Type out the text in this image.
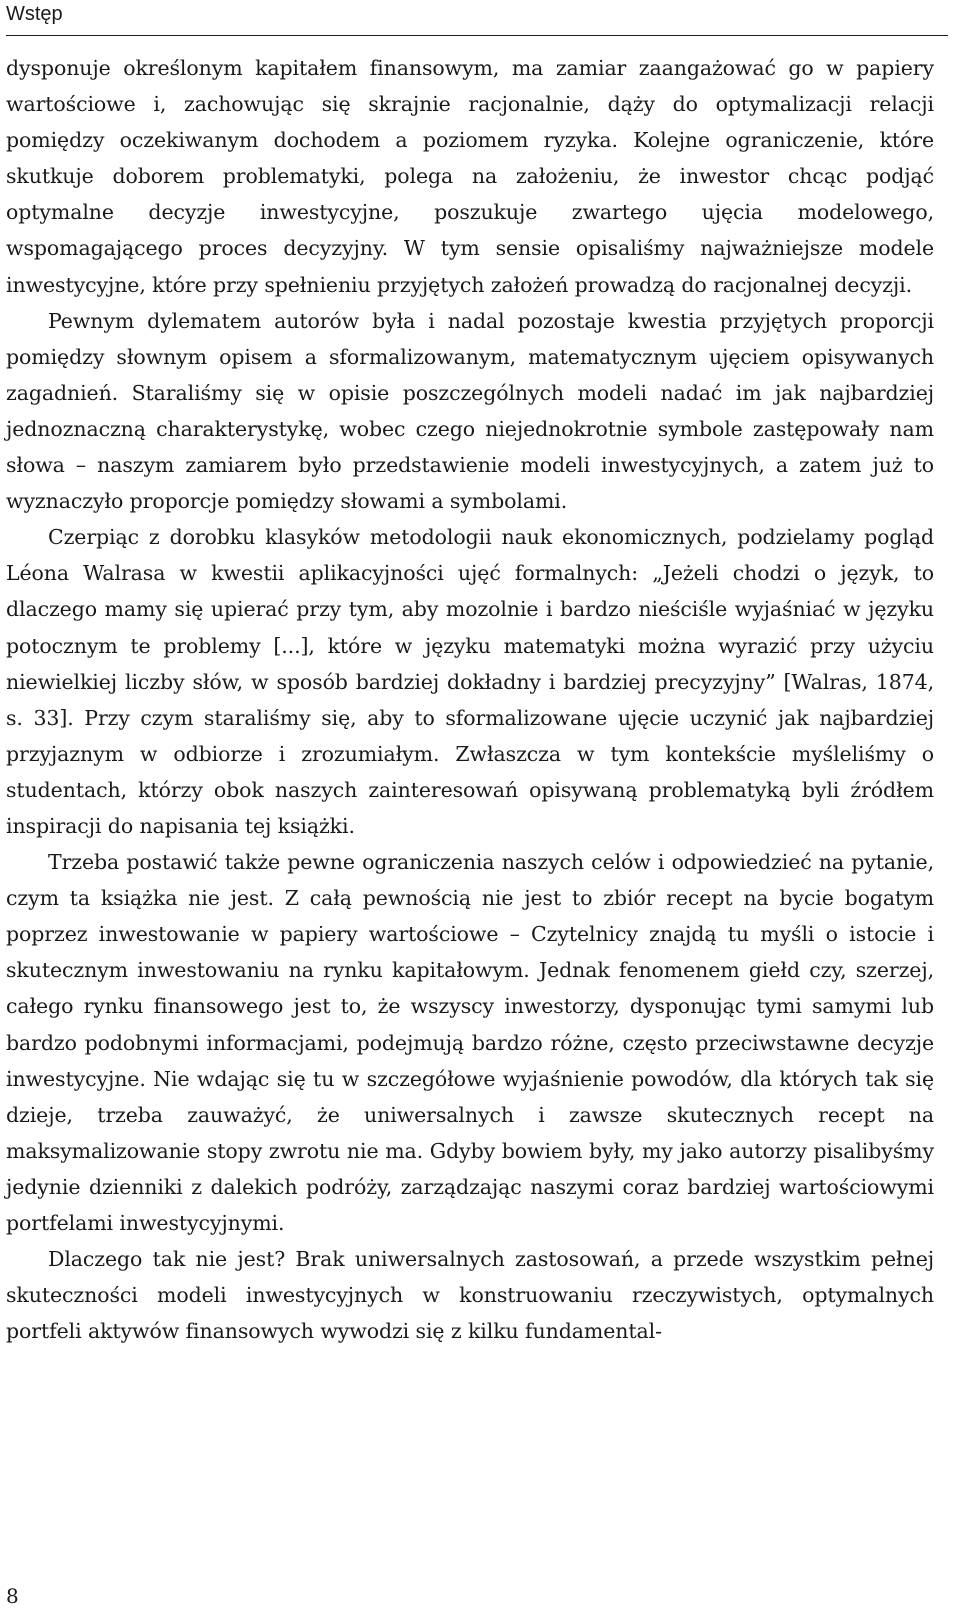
Wstęp

dysponuje określonym kapitałem finansowym, ma zamiar zaangażować go w papiery wartościowe i, zachowując się skrajnie racjonalnie, dąży do optymalizacji relacji pomiędzy oczekiwanym dochodem a poziomem ryzyka. Kolejne ograniczenie, które skutkuje doborem problematyki, polega na założeniu, że inwestor chcąc podjąć optymalne decyzje inwestycyjne, poszukuje zwartego ujęcia modelowego, wspomagającego proces decyzyjny. W tym sensie opisaliśmy najważniejsze modele inwestycyjne, które przy spełnieniu przyjętych założeń prowadzą do racjonalnej decyzji.

Pewnym dylematem autorów była i nadal pozostaje kwestia przyjętych proporcji pomiędzy słownym opisem a sformalizowanym, matematycznym ujęciem opisywanych zagadnień. Staraliśmy się w opisie poszczególnych modeli nadać im jak najbardziej jednoznaczną charakterystykę, wobec czego niejednokrotnie symbole zastępowały nam słowa – naszym zamiarem było przedstawienie modeli inwestycyjnych, a zatem już to wyznaczyło proporcje pomiędzy słowami a symbolami.

Czerpiąc z dorobku klasyków metodologii nauk ekonomicznych, podzielamy pogląd Léona Walrasa w kwestii aplikacyjności ujęć formalnych: „Jeżeli chodzi o język, to dlaczego mamy się upierać przy tym, aby mozolnie i bardzo nieściśle wyjaśniać w języku potocznym te problemy [...], które w języku matematyki można wyrazić przy użyciu niewielkiej liczby słów, w sposób bardziej dokładny i bardziej precyzyjny” [Walras, 1874, s. 33]. Przy czym staraliśmy się, aby to sformalizowane ujęcie uczynić jak najbardziej przyjaznym w odbiorze i zrozumiałym. Zwłaszcza w tym kontekście myśleliśmy o studentach, którzy obok naszych zainteresowań opisywaną problematyką byli źródłem inspiracji do napisania tej książki.

Trzeba postawić także pewne ograniczenia naszych celów i odpowiedzieć na pytanie, czym ta książka nie jest. Z całą pewnością nie jest to zbiór recept na bycie bogatym poprzez inwestowanie w papiery wartościowe – Czytelnicy znajdą tu myśli o istocie i skutecznym inwestowaniu na rynku kapitałowym. Jednak fenomenem giełd czy, szerzej, całego rynku finansowego jest to, że wszyscy inwestorzy, dysponując tymi samymi lub bardzo podobnymi informacjami, podejmują bardzo różne, często przeciwstawne decyzje inwestycyjne. Nie wdając się tu w szczegółowe wyjaśnienie powodów, dla których tak się dzieje, trzeba zauważyć, że uniwersalnych i zawsze skutecznych recept na maksymalizowanie stopy zwrotu nie ma. Gdyby bowiem były, my jako autorzy pisalibyśmy jedynie dzienniki z dalekich podróży, zarządzając naszymi coraz bardziej wartościowymi portfelami inwestycyjnymi.

Dlaczego tak nie jest? Brak uniwersalnych zastosowań, a przede wszystkim pełnej skuteczności modeli inwestycyjnych w konstruowaniu rzeczywistych, optymalnych portfeli aktywów finansowych wywodzi się z kilku fundamental-

8
